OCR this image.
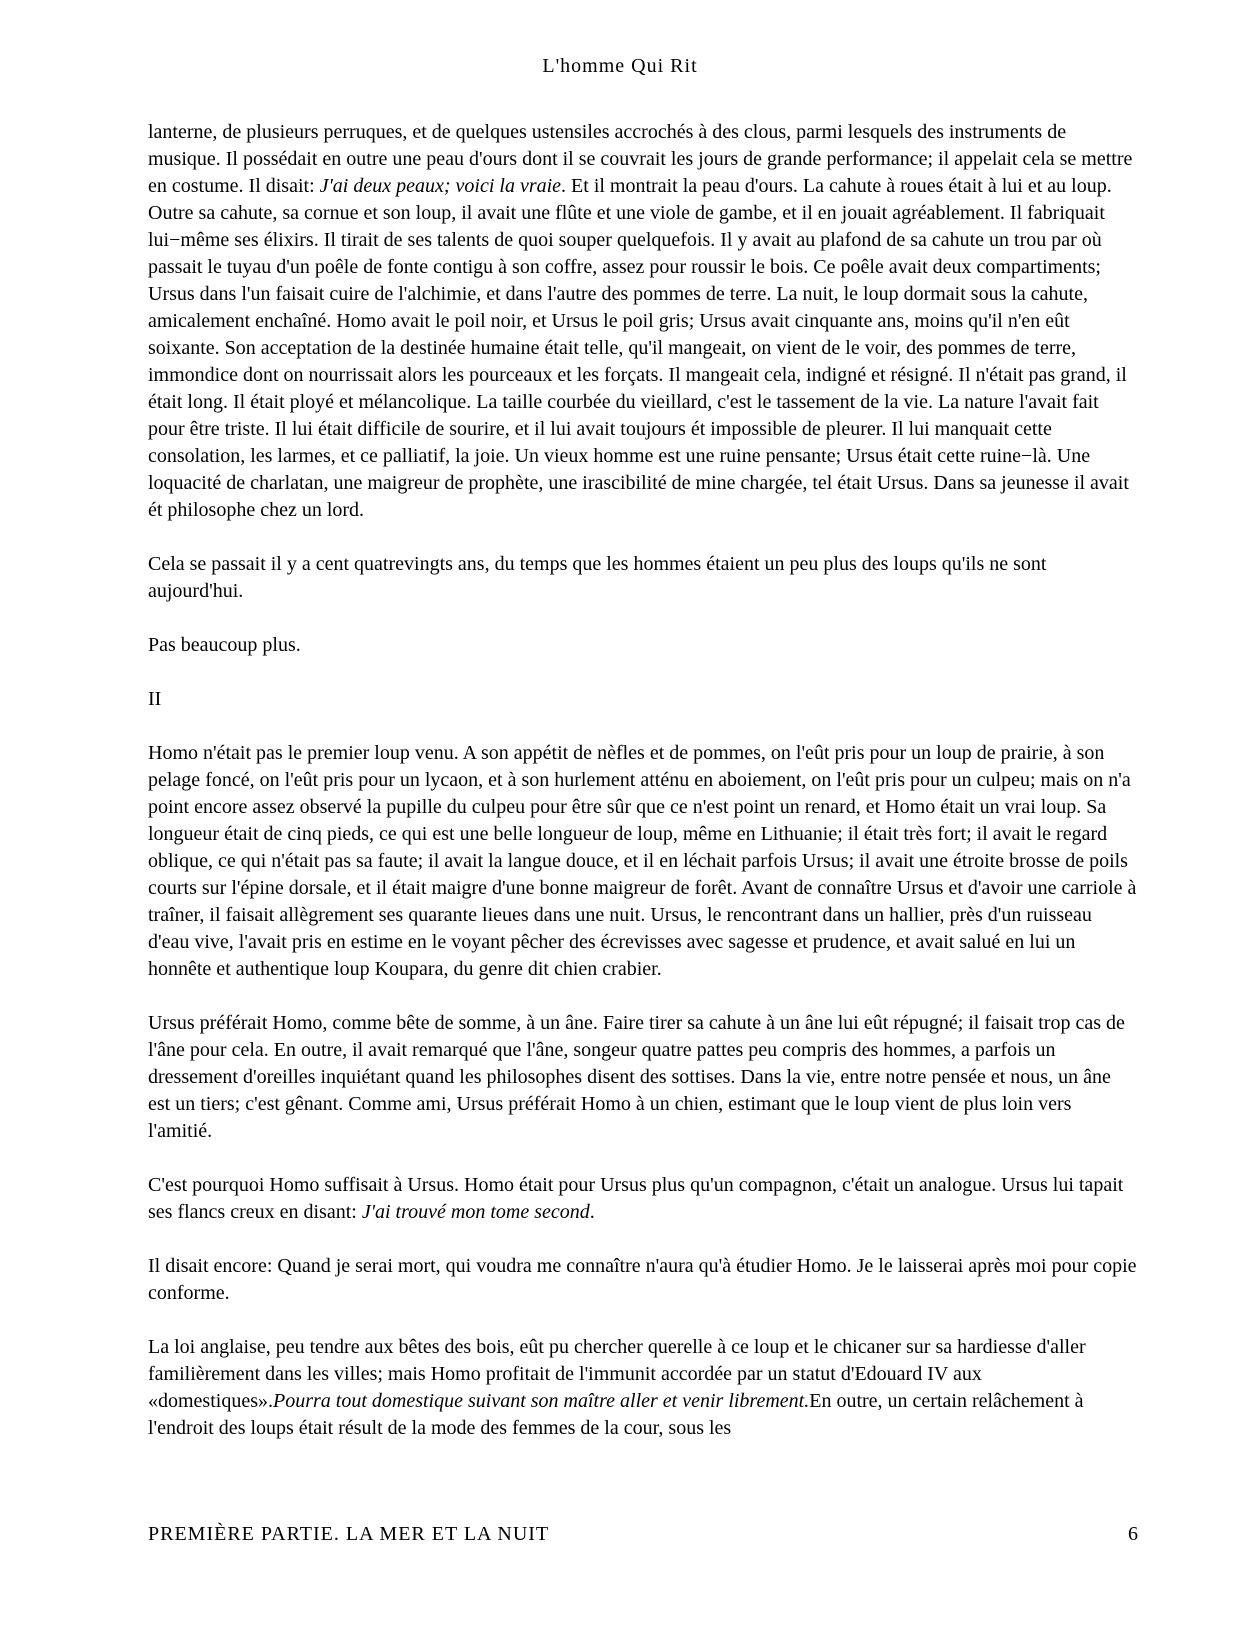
L'homme Qui Rit

lanterne, de plusieurs perruques, et de quelques ustensiles accrochés à des clous, parmi lesquels des instruments de musique. Il possédait en outre une peau d'ours dont il se couvrait les jours de grande performance; il appelait cela se mettre en costume. Il disait: J'ai deux peaux; voici la vraie. Et il montrait la peau d'ours. La cahute à roues était à lui et au loup. Outre sa cahute, sa cornue et son loup, il avait une flûte et une viole de gambe, et il en jouait agréablement. Il fabriquait lui−même ses élixirs. Il tirait de ses talents de quoi souper quelquefois. Il y avait au plafond de sa cahute un trou par où passait le tuyau d'un poêle de fonte contigu à son coffre, assez pour roussir le bois. Ce poêle avait deux compartiments; Ursus dans l'un faisait cuire de l'alchimie, et dans l'autre des pommes de terre. La nuit, le loup dormait sous la cahute, amicalement enchaîné. Homo avait le poil noir, et Ursus le poil gris; Ursus avait cinquante ans, moins qu'il n'en eût soixante. Son acceptation de la destinée humaine était telle, qu'il mangeait, on vient de le voir, des pommes de terre, immondice dont on nourrissait alors les pourceaux et les forçats. Il mangeait cela, indigné et résigné. Il n'était pas grand, il était long. Il était ployé et mélancolique. La taille courbée du vieillard, c'est le tassement de la vie. La nature l'avait fait pour être triste. Il lui était difficile de sourire, et il lui avait toujours ét impossible de pleurer. Il lui manquait cette consolation, les larmes, et ce palliatif, la joie. Un vieux homme est une ruine pensante; Ursus était cette ruine−là. Une loquacité de charlatan, une maigreur de prophète, une irascibilité de mine chargée, tel était Ursus. Dans sa jeunesse il avait ét philosophe chez un lord.

Cela se passait il y a cent quatrevingts ans, du temps que les hommes étaient un peu plus des loups qu'ils ne sont aujourd'hui.

Pas beaucoup plus.

II

Homo n'était pas le premier loup venu. A son appétit de nèfles et de pommes, on l'eût pris pour un loup de prairie, à son pelage foncé, on l'eût pris pour un lycaon, et à son hurlement atténu en aboiement, on l'eût pris pour un culpeu; mais on n'a point encore assez observé la pupille du culpeu pour être sûr que ce n'est point un renard, et Homo était un vrai loup. Sa longueur était de cinq pieds, ce qui est une belle longueur de loup, même en Lithuanie; il était très fort; il avait le regard oblique, ce qui n'était pas sa faute; il avait la langue douce, et il en léchait parfois Ursus; il avait une étroite brosse de poils courts sur l'épine dorsale, et il était maigre d'une bonne maigreur de forêt. Avant de connaître Ursus et d'avoir une carriole à traîner, il faisait allègrement ses quarante lieues dans une nuit. Ursus, le rencontrant dans un hallier, près d'un ruisseau d'eau vive, l'avait pris en estime en le voyant pêcher des écrevisses avec sagesse et prudence, et avait salué en lui un honnête et authentique loup Koupara, du genre dit chien crabier.

Ursus préférait Homo, comme bête de somme, à un âne. Faire tirer sa cahute à un âne lui eût répugné; il faisait trop cas de l'âne pour cela. En outre, il avait remarqué que l'âne, songeur quatre pattes peu compris des hommes, a parfois un dressement d'oreilles inquiétant quand les philosophes disent des sottises. Dans la vie, entre notre pensée et nous, un âne est un tiers; c'est gênant. Comme ami, Ursus préférait Homo à un chien, estimant que le loup vient de plus loin vers l'amitié.

C'est pourquoi Homo suffisait à Ursus. Homo était pour Ursus plus qu'un compagnon, c'était un analogue. Ursus lui tapait ses flancs creux en disant: J'ai trouvé mon tome second.

Il disait encore: Quand je serai mort, qui voudra me connaître n'aura qu'à étudier Homo. Je le laisserai après moi pour copie conforme.

La loi anglaise, peu tendre aux bêtes des bois, eût pu chercher querelle à ce loup et le chicaner sur sa hardiesse d'aller familièrement dans les villes; mais Homo profitait de l'immunit accordée par un statut d'Edouard IV aux «domestiques».Pourra tout domestique suivant son maître aller et venir librement.En outre, un certain relâchement à l'endroit des loups était résult de la mode des femmes de la cour, sous les

PREMIÈRE PARTIE. LA MER ET LA NUIT	6
